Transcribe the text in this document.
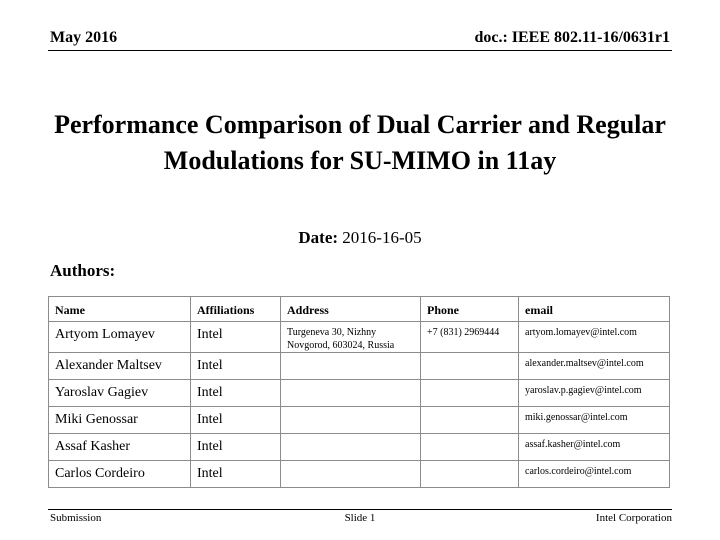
May 2016	doc.: IEEE 802.11-16/0631r1
Performance Comparison of Dual Carrier and Regular Modulations for SU-MIMO in 11ay
Date: 2016-16-05
Authors:
Name	Affiliations	Address	Phone	email
Artyom Lomayev	Intel	Turgeneva 30, Nizhny Novgorod, 603024, Russia	+7 (831) 2969444	artyom.lomayev@intel.com
Alexander Maltsev	Intel			alexander.maltsev@intel.com
Yaroslav Gagiev	Intel			yaroslav.p.gagiev@intel.com
Miki Genossar	Intel			miki.genossar@intel.com
Assaf Kasher	Intel			assaf.kasher@intel.com
Carlos Cordeiro	Intel			carlos.cordeiro@intel.com
Submission	Slide 1	Intel Corporation
